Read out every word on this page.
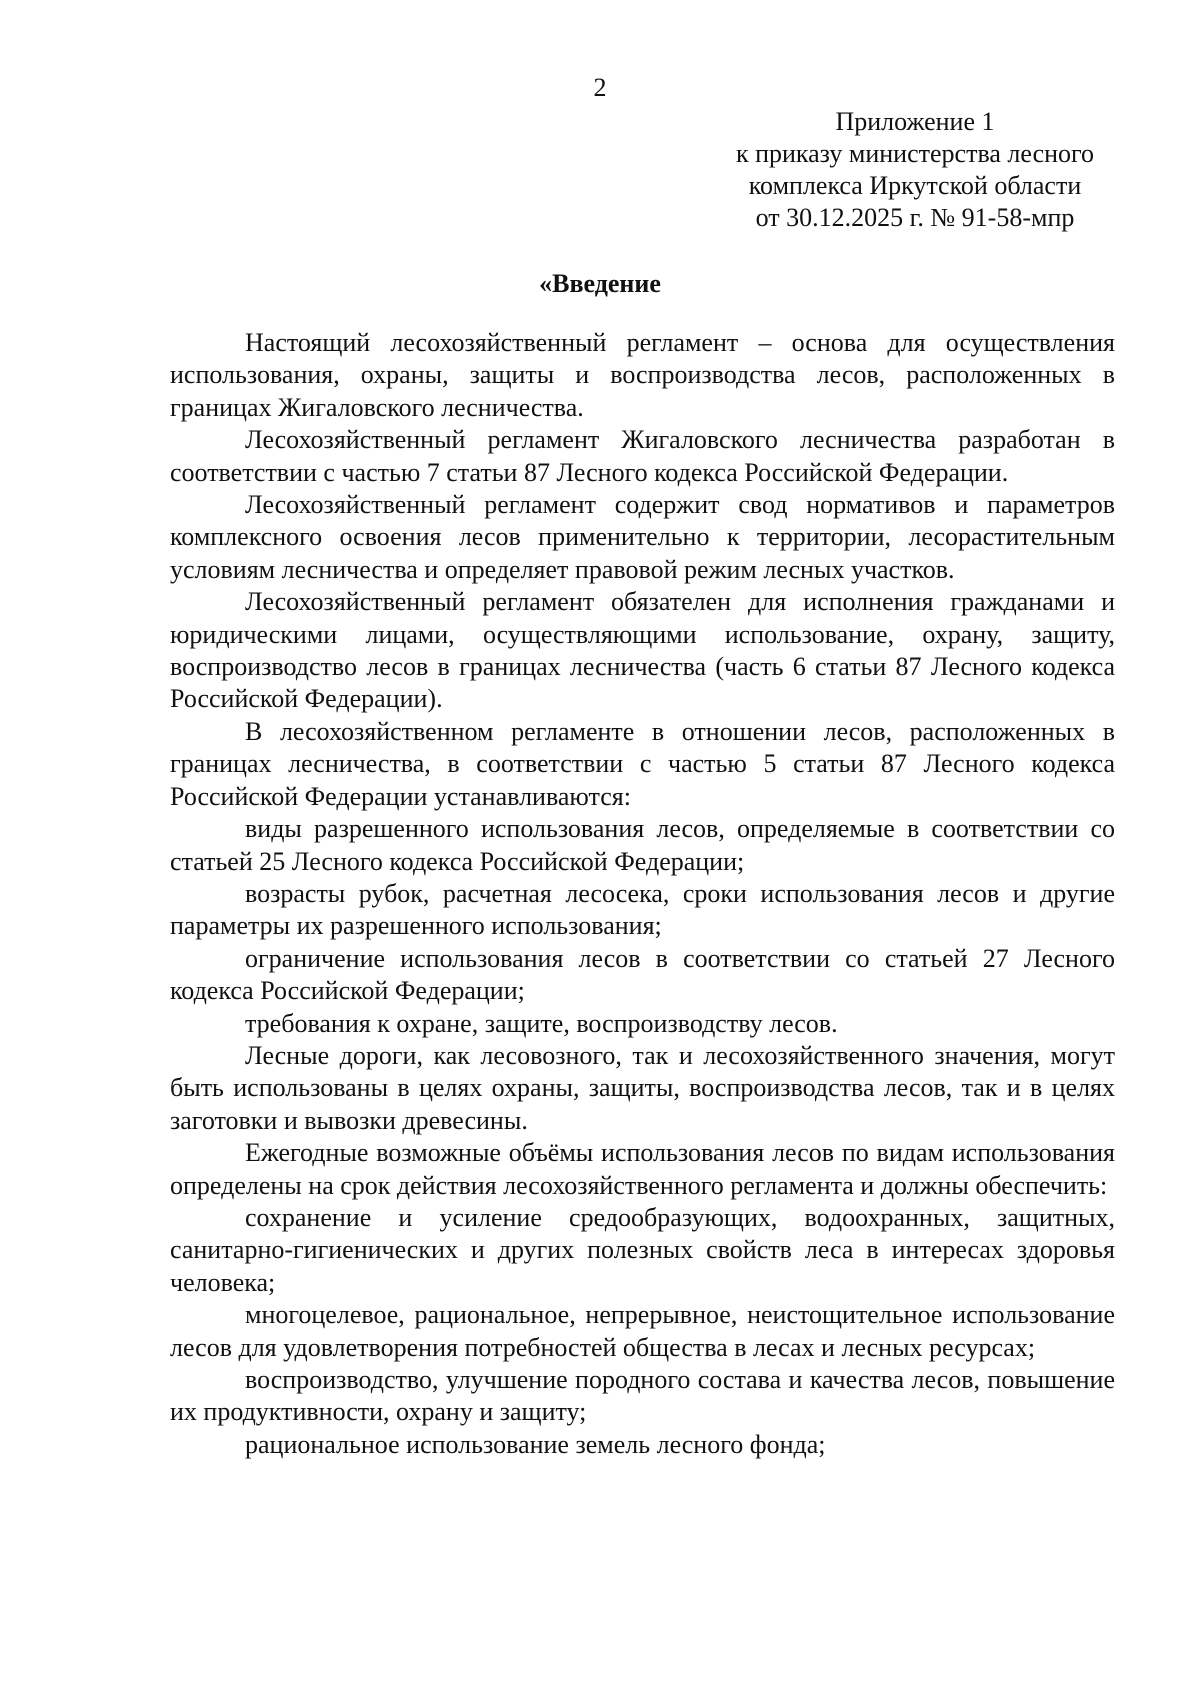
2
Приложение 1
к приказу министерства лесного
комплекса Иркутской области
от 30.12.2025 г. № 91-58-мпр
«Введение

Настоящий лесохозяйственный регламент – основа для осуществления использования, охраны, защиты и воспроизводства лесов, расположенных в границах Жигаловского лесничества.

Лесохозяйственный регламент Жигаловского лесничества разработан в соответствии с частью 7 статьи 87 Лесного кодекса Российской Федерации.

Лесохозяйственный регламент содержит свод нормативов и параметров комплексного освоения лесов применительно к территории, лесорастительным условиям лесничества и определяет правовой режим лесных участков.

Лесохозяйственный регламент обязателен для исполнения гражданами и юридическими лицами, осуществляющими использование, охрану, защиту, воспроизводство лесов в границах лесничества (часть 6 статьи 87 Лесного кодекса Российской Федерации).

В лесохозяйственном регламенте в отношении лесов, расположенных в границах лесничества, в соответствии с частью 5 статьи 87 Лесного кодекса Российской Федерации устанавливаются:

виды разрешенного использования лесов, определяемые в соответствии со статьей 25 Лесного кодекса Российской Федерации;

возрасты рубок, расчетная лесосека, сроки использования лесов и другие параметры их разрешенного использования;

ограничение использования лесов в соответствии со статьей 27 Лесного кодекса Российской Федерации;

требования к охране, защите, воспроизводству лесов.

Лесные дороги, как лесовозного, так и лесохозяйственного значения, могут быть использованы в целях охраны, защиты, воспроизводства лесов, так и в целях заготовки и вывозки древесины.

Ежегодные возможные объёмы использования лесов по видам использования определены на срок действия лесохозяйственного регламента и должны обеспечить:

сохранение и усиление средообразующих, водоохранных, защитных, санитарно-гигиенических и других полезных свойств леса в интересах здоровья человека;

многоцелевое, рациональное, непрерывное, неистощительное использование лесов для удовлетворения потребностей общества в лесах и лесных ресурсах;

воспроизводство, улучшение породного состава и качества лесов, повышение их продуктивности, охрану и защиту;

рациональное использование земель лесного фонда;
